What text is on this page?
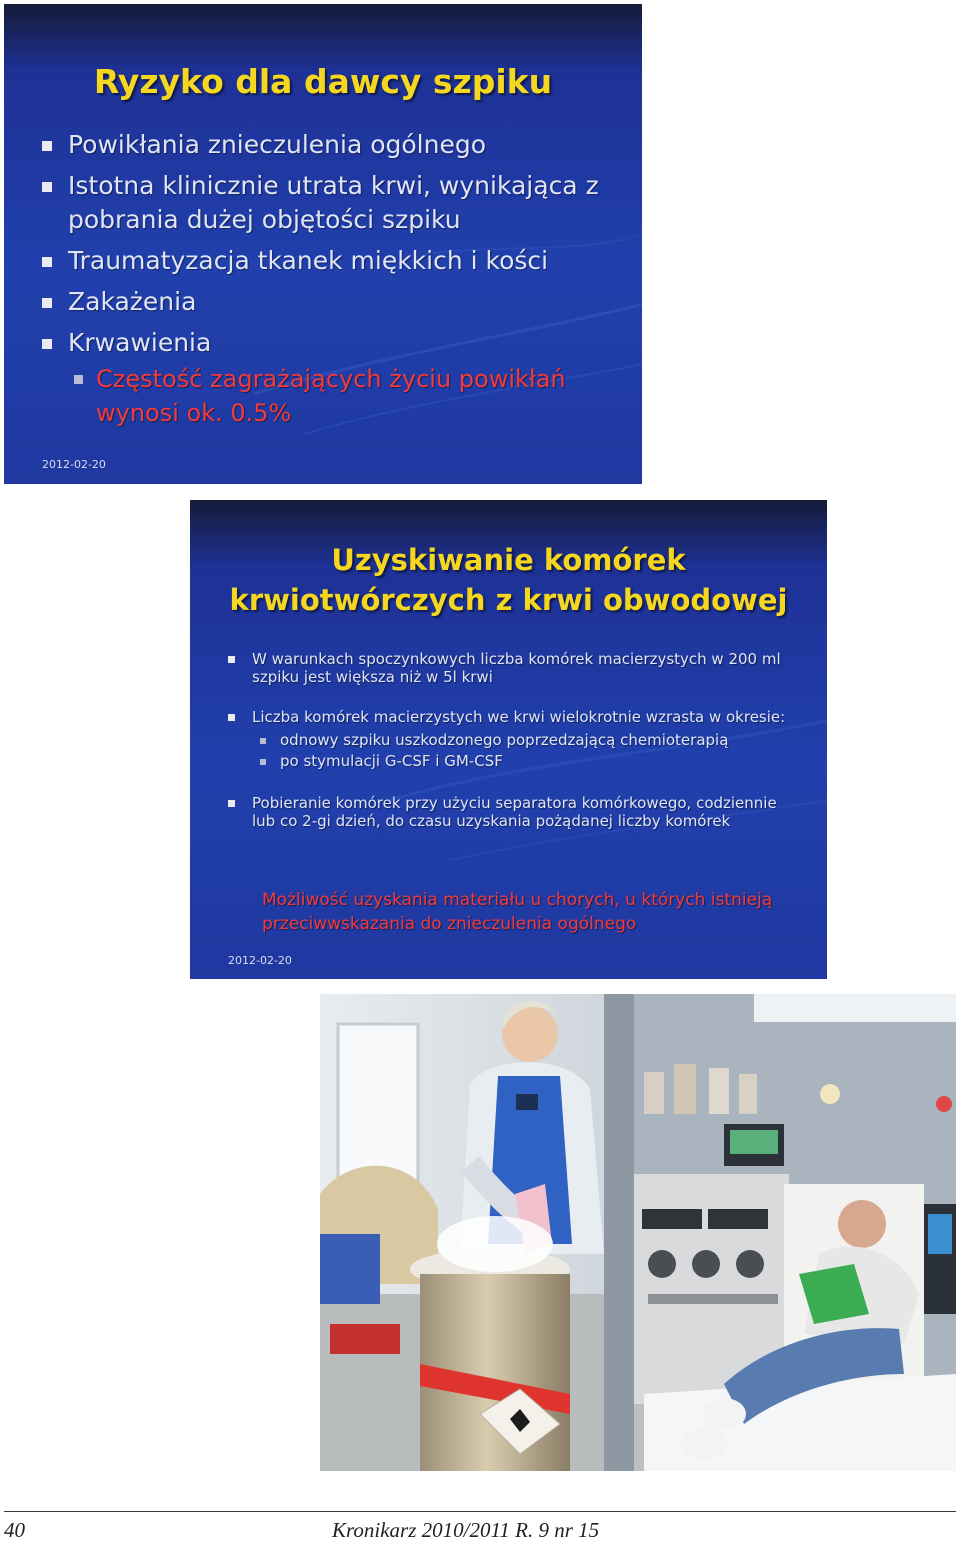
Ryzyko dla dawcy szpiku
Powikłania znieczulenia ogólnego
Istotna klinicznie utrata krwi, wynikająca z pobrania dużej objętości szpiku
Traumatyzacja tkanek miękkich i kości
Zakażenia
Krwawienia
Częstość zagrażających życiu powikłań wynosi ok. 0.5%
2012-02-20
Uzyskiwanie komórek
krwiotwórczych z krwi obwodowej
W warunkach spoczynkowych liczba komórek macierzystych w 200 ml szpiku jest większa niż w 5l krwi
Liczba komórek macierzystych we krwi wielokrotnie wzrasta w okresie:
odnowy szpiku uszkodzonego poprzedzającą chemioterapią
po stymulacji G-CSF i GM-CSF
Pobieranie komórek przy użyciu separatora komórkowego, codziennie lub co 2-gi dzień, do czasu uzyskania pożądanej liczby komórek
Możliwość uzyskania materiału u chorych, u których istnieją przeciwwskazania do znieczulenia ogólnego
2012-02-20
40	Kronikarz 2010/2011 R. 9 nr 15
